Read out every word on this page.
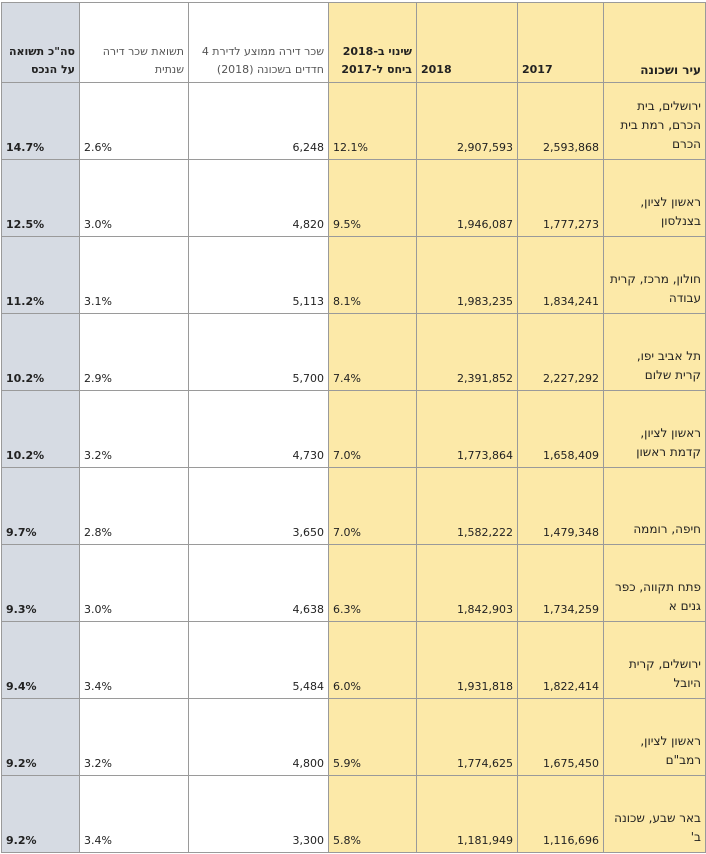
סה"כ תשואה על הנכס	תשואת שכר דירה שנתית	שכר דירה ממוצע לדירת 4 חדדים בשכונה (2018)	שינוי ב-2018 ביחס ל-2017	2018	2017	עיר ושכונה
14.7%	2.6%	6,248	12.1%	2,907,593	2,593,868	ירושלים, בית הכרם, רמת בית הכרם
12.5%	3.0%	4,820	9.5%	1,946,087	1,777,273	ראשון לציון, בצנלסון
11.2%	3.1%	5,113	8.1%	1,983,235	1,834,241	חולון, מרכז, קרית עבודה
10.2%	2.9%	5,700	7.4%	2,391,852	2,227,292	תל אביב יפו, קרית שלום
10.2%	3.2%	4,730	7.0%	1,773,864	1,658,409	ראשון לציון, קדמת ראשון
9.7%	2.8%	3,650	7.0%	1,582,222	1,479,348	חיפה, רוממה
9.3%	3.0%	4,638	6.3%	1,842,903	1,734,259	פתח תקווה, כפר גנים א
9.4%	3.4%	5,484	6.0%	1,931,818	1,822,414	ירושלים, קרית היובל
9.2%	3.2%	4,800	5.9%	1,774,625	1,675,450	ראשון לציון, רמב"ם
9.2%	3.4%	3,300	5.8%	1,181,949	1,116,696	באר שבע, שכונה ב'
